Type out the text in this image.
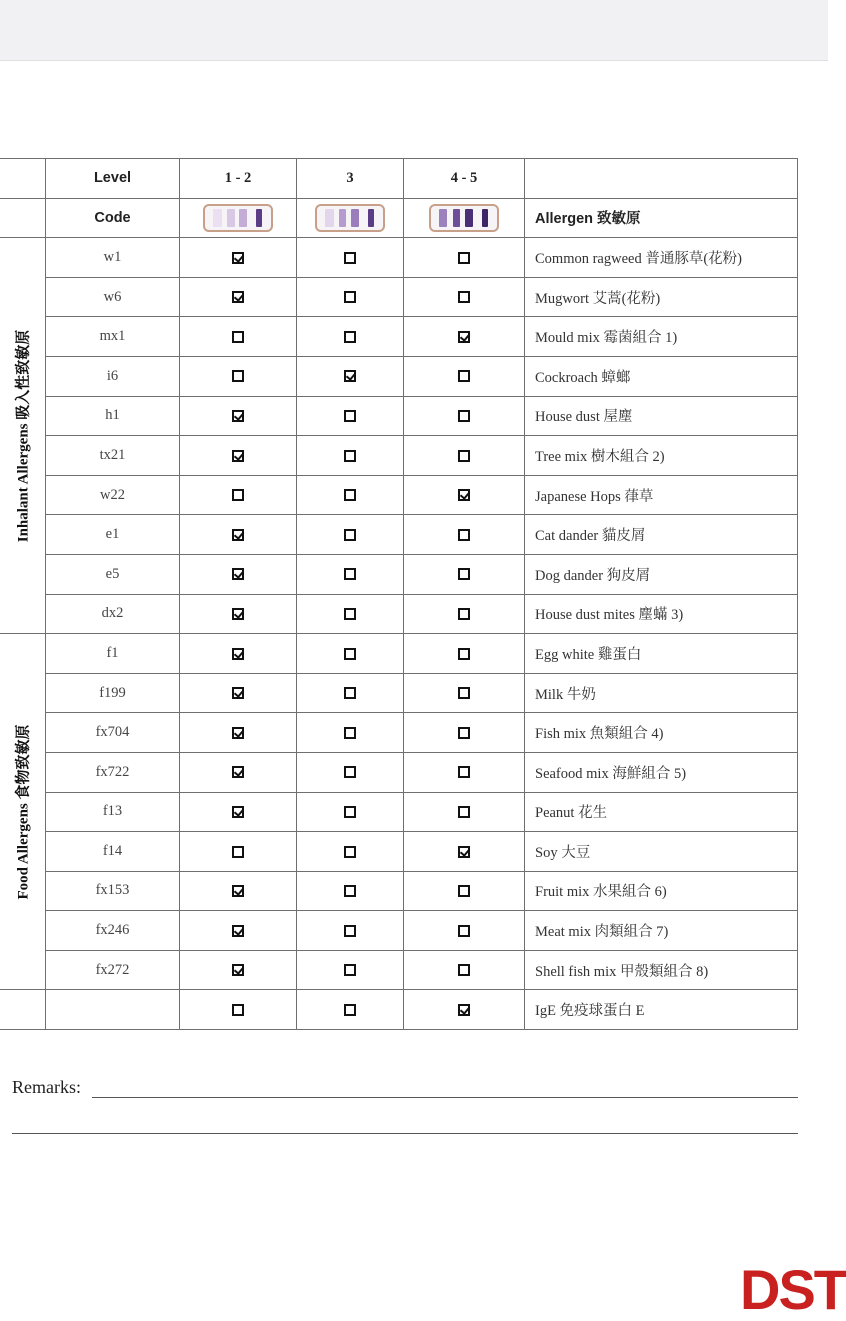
	Level	1 - 2	3	4 - 5	
	Code				Allergen 致敏原

Inhalant Allergens 吸入性致敏原	w1				Common ragweed 普通豚草(花粉)
	w6				Mugwort 艾蒿(花粉)
	mx1				Mould mix 霉菌組合 1)
	i6				Cockroach 蟑螂
	h1				House dust 屋塵
	tx21				Tree mix 樹木組合 2)
	w22				Japanese Hops 葎草
	e1				Cat dander 貓皮屑
	e5				Dog dander 狗皮屑
	dx2				House dust mites 塵蟎 3)

Food Allergens 食物致敏原	f1				Egg white 雞蛋白
	f199				Milk 牛奶
	fx704				Fish mix 魚類組合 4)
	fx722				Seafood mix 海鮮組合 5)
	f13				Peanut 花生
	f14				Soy 大豆
	fx153				Fruit mix 水果組合 6)
	fx246				Meat mix 肉類組合 7)
	fx272				Shell fish mix 甲殼類組合 8)
					IgE 免疫球蛋白 E
Remarks:
DST
